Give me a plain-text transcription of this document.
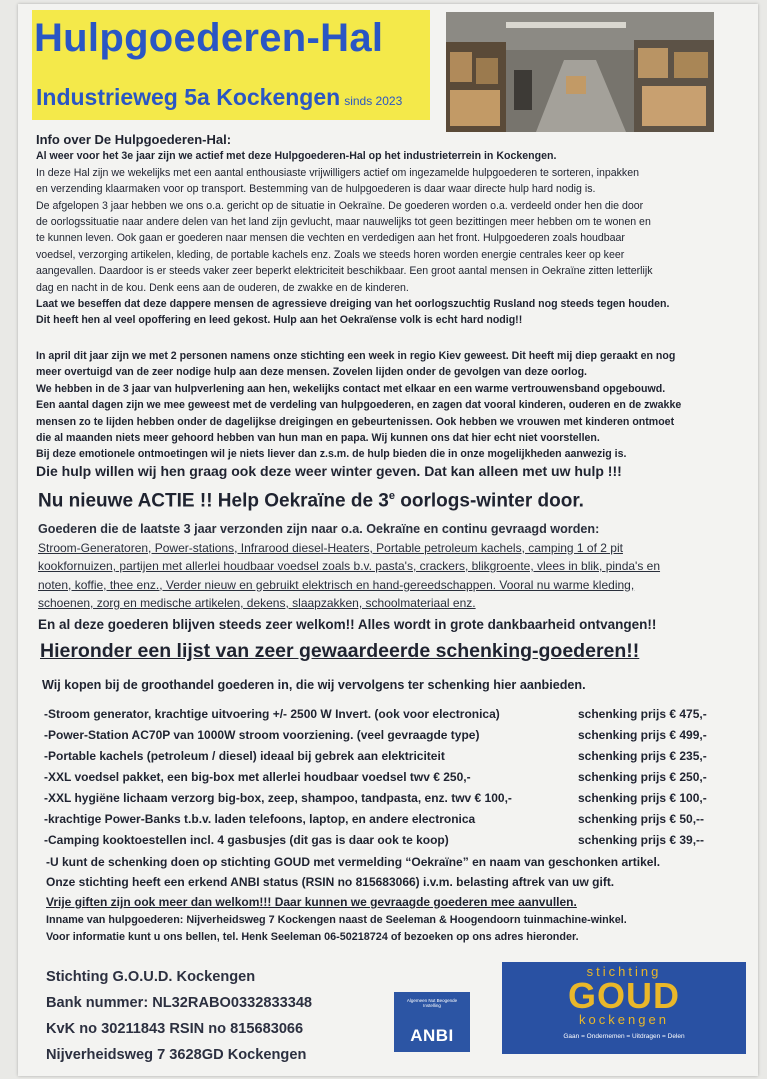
Hulpgoederen-Hal
Industrieweg 5a Kockengen sinds 2023

Info over De Hulpgoederen-Hal:

Al weer voor het 3e jaar zijn we actief met deze Hulpgoederen-Hal op het industrieterrein in Kockengen.

In deze Hal zijn we wekelijks met een aantal enthousiaste vrijwilligers actief om ingezamelde hulpgoederen te sorteren, inpakken

en verzending klaarmaken voor op transport. Bestemming van de hulpgoederen is daar waar directe hulp hard nodig is.

De afgelopen 3 jaar hebben we ons o.a. gericht op de situatie in Oekraïne. De goederen worden o.a. verdeeld onder hen die door

de oorlogssituatie naar andere delen van het land zijn gevlucht, maar nauwelijks tot geen bezittingen meer hebben om te wonen en

te kunnen leven. Ook gaan er goederen naar mensen die vechten en verdedigen aan het front. Hulpgoederen zoals houdbaar

voedsel, verzorging artikelen, kleding, de portable kachels enz. Zoals we steeds horen worden energie centrales keer op keer

aangevallen. Daardoor is er steeds vaker zeer beperkt elektriciteit beschikbaar. Een groot aantal mensen in Oekraïne zitten letterlijk

dag en nacht in de kou. Denk eens aan de ouderen, de zwakke en de kinderen.

Laat we beseffen dat deze dappere mensen de agressieve dreiging van het oorlogszuchtig Rusland nog steeds tegen houden.

Dit heeft hen al veel opoffering en leed gekost. Hulp aan het Oekraïense volk is echt hard nodig!!

In april dit jaar zijn we met 2 personen namens onze stichting een week in regio Kiev geweest. Dit heeft mij diep geraakt en nog

meer overtuigd van de zeer nodige hulp aan deze mensen. Zovelen lijden onder de gevolgen van deze oorlog.

We hebben in de 3 jaar van hulpverlening aan hen, wekelijks contact met elkaar en een warme vertrouwensband opgebouwd.

Een aantal dagen zijn we mee geweest met de verdeling van hulpgoederen, en zagen dat vooral kinderen, ouderen en de zwakke

mensen zo te lijden hebben onder de dagelijkse dreigingen en gebeurtenissen. Ook hebben we vrouwen met kinderen ontmoet

die al maanden niets meer gehoord hebben van hun man en papa. Wij kunnen ons dat hier echt niet voorstellen.

Bij deze emotionele ontmoetingen wil je niets liever dan z.s.m. de hulp bieden die in onze mogelijkheden aanwezig is.

Die hulp willen wij hen graag ook deze weer winter geven. Dat kan alleen met uw hulp !!!

Nu nieuwe ACTIE !! Help Oekraïne de 3e oorlogs-winter door.

Goederen die de laatste 3 jaar verzonden zijn naar o.a. Oekraïne en continu gevraagd worden:

Stroom-Generatoren, Power-stations, Infrarood diesel-Heaters, Portable petroleum kachels, camping 1 of 2 pit

kookfornuizen, partijen met allerlei houdbaar voedsel zoals b.v. pasta's, crackers, blikgroente, vlees in blik, pinda's en

noten, koffie, thee enz., Verder nieuw en gebruikt elektrisch en hand-gereedschappen. Vooral nu warme kleding,

schoenen, zorg en medische artikelen, dekens, slaapzakken, schoolmateriaal enz.

En al deze goederen blijven steeds zeer welkom!! Alles wordt in grote dankbaarheid ontvangen!!
Hieronder een lijst van zeer gewaardeerde schenking-goederen!!
Wij kopen bij de groothandel goederen in, die wij vervolgens ter schenking hier aanbieden.
-Stroom generator, krachtige uitvoering +/- 2500 W Invert. (ook voor electronica)	schenking prijs € 475,-
-Power-Station AC70P van 1000W stroom voorziening. (veel gevraagde type)	schenking prijs € 499,-
-Portable kachels (petroleum / diesel) ideaal bij gebrek aan elektriciteit	schenking prijs € 235,-
-XXL voedsel pakket, een big-box met allerlei houdbaar voedsel twv € 250,-	schenking prijs € 250,-
-XXL hygiëne lichaam verzorg big-box, zeep, shampoo, tandpasta, enz. twv € 100,-	schenking prijs € 100,-
-krachtige Power-Banks t.b.v. laden telefoons, laptop, en andere electronica	schenking prijs € 50,--
-Camping kooktoestellen incl. 4 gasbusjes (dit gas is daar ook te koop)	schenking prijs € 39,--

-U kunt de schenking doen op stichting GOUD met vermelding “Oekraïne” en naam van geschonken artikel.

Onze stichting heeft een erkend ANBI status (RSIN no 815683066) i.v.m. belasting aftrek van uw gift.

Vrije giften zijn ook meer dan welkom!!! Daar kunnen we gevraagde goederen mee aanvullen.

Inname van hulpgoederen: Nijverheidsweg 7 Kockengen naast de Seeleman & Hoogendoorn tuinmachine-winkel.

Voor informatie kunt u ons bellen, tel. Henk Seeleman 06-50218724 of bezoeken op ons adres hieronder.

Stichting G.O.U.D. Kockengen

Bank nummer: NL32RABO0332833348

KvK no 30211843 RSIN no 815683066

Nijverheidsweg 7 3628GD Kockengen

Algemeen Nut Beogende Instelling
ANBI
stichting
GOUD
kockengen
Gaan = Ondernemen = Uitdragen = Delen
